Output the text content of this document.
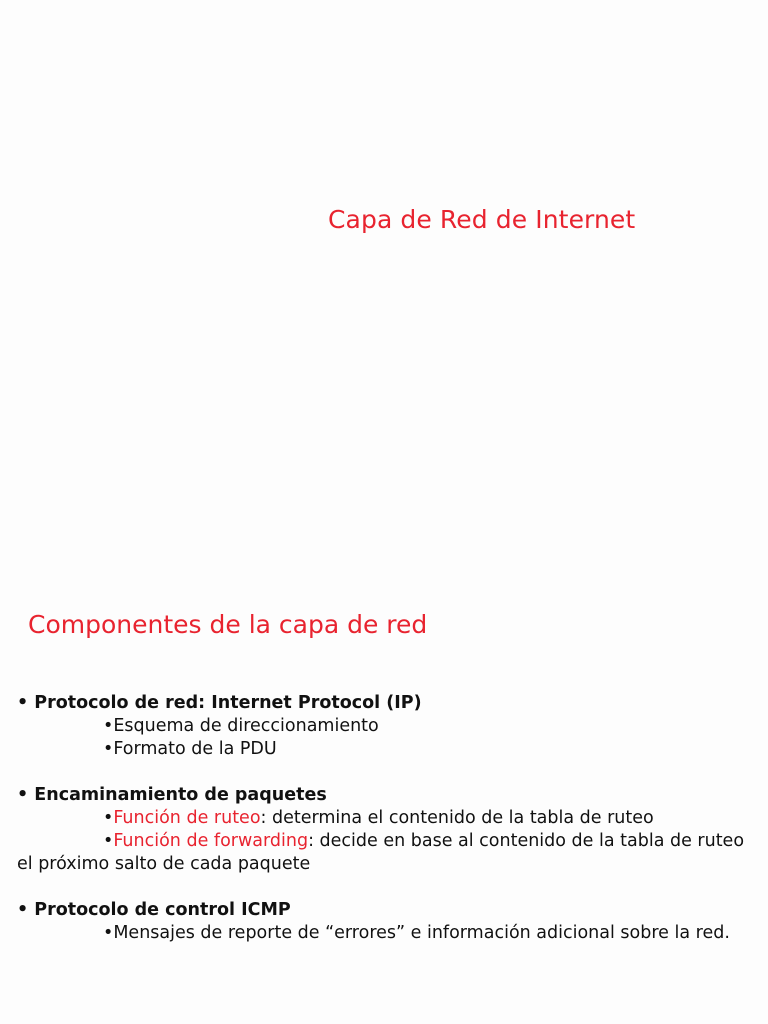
Capa de Red de Internet
Componentes de la capa de red
• Protocolo de red: Internet Protocol (IP)
•Esquema de direccionamiento
•Formato de la PDU
• Encaminamiento de paquetes
•Función de ruteo: determina el contenido de la tabla de ruteo
•Función de forwarding: decide en base al contenido de la tabla de ruteo el próximo salto de cada paquete
• Protocolo de control ICMP
•Mensajes de reporte de “errores” e información adicional sobre la red.
